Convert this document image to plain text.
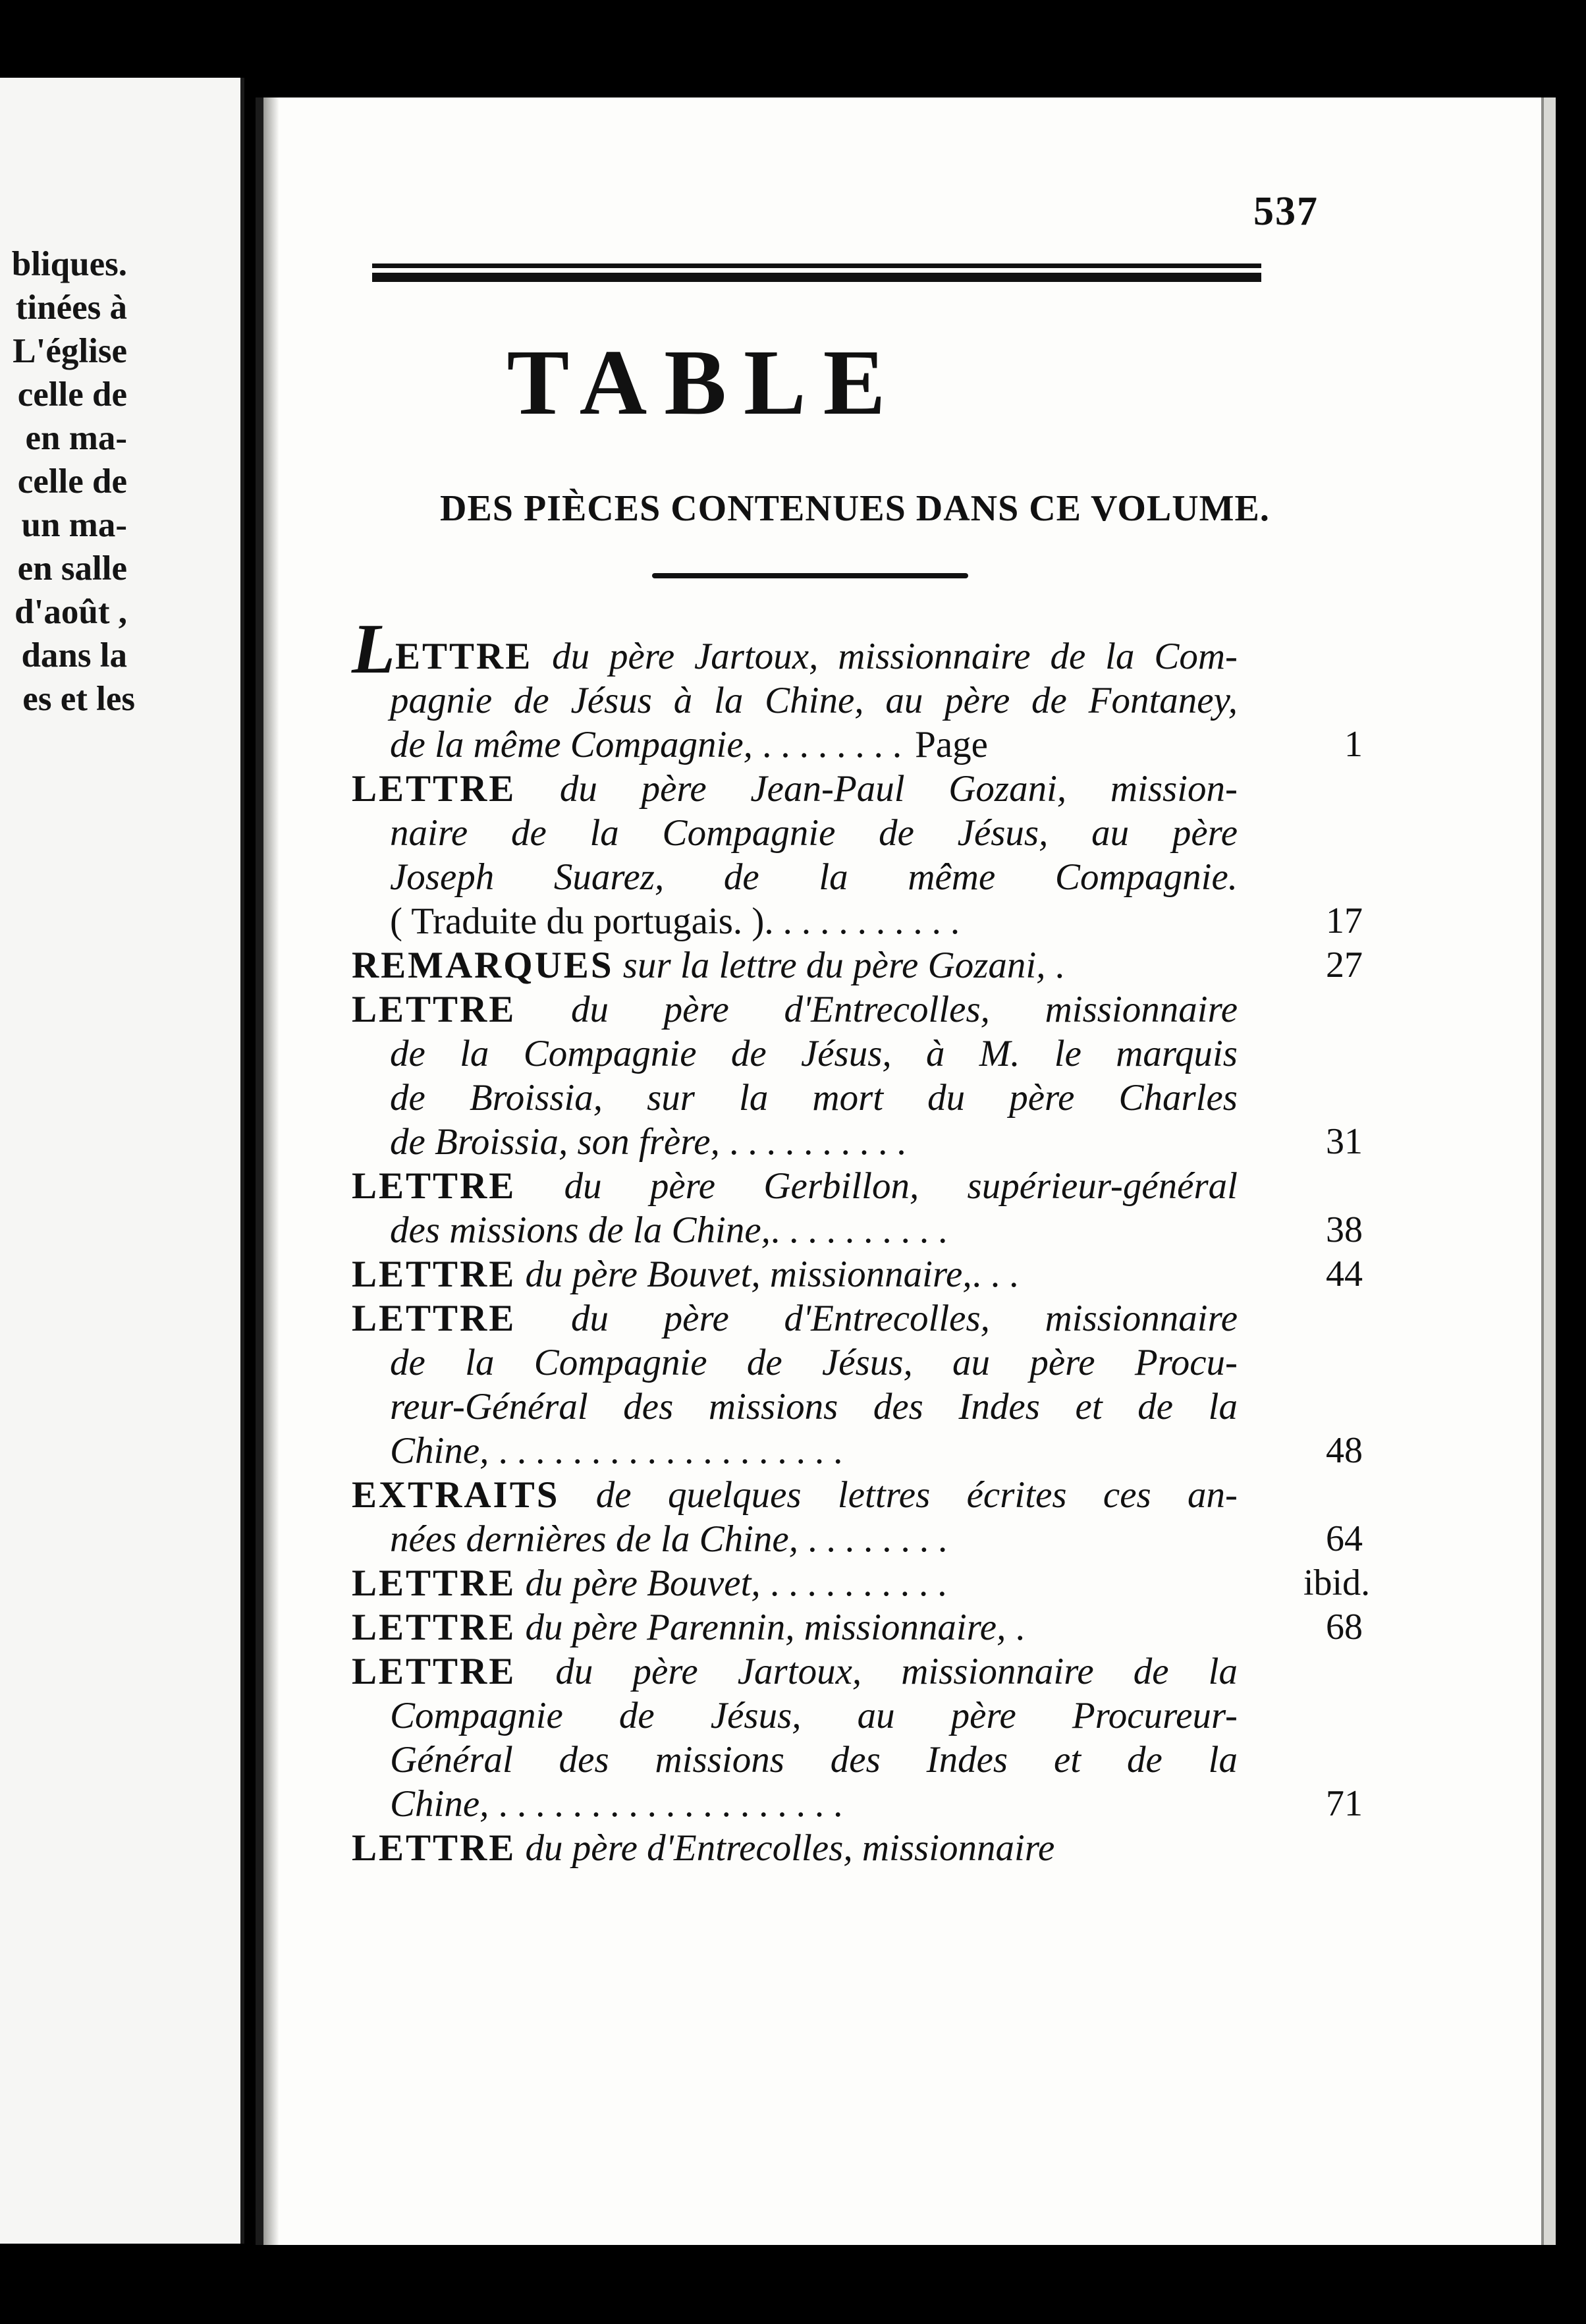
bliques.
tinées à
L'église
celle de
en ma-
celle de
un ma-
en salle
d'août ,
dans la
es et les
537
TABLE
DES PIÈCES CONTENUES DANS CE VOLUME.
LETTRE du père Jartoux, missionnaire de la Com-
pagnie de Jésus à la Chine, au père de Fontaney,
de la même Compagnie, ........ Page	1
LETTRE du père Jean-Paul Gozani, mission-
naire de la Compagnie de Jésus, au père
Joseph Suarez, de la même Compagnie.
( Traduite du portugais. )...........	17
REMARQUES sur la lettre du père Gozani, .	27
LETTRE du père d'Entrecolles, missionnaire
de la Compagnie de Jésus, à M. le marquis
de Broissia, sur la mort du père Charles
de Broissia, son frère, ..........	31
LETTRE du père Gerbillon, supérieur-général
des missions de la Chine,..........	38
LETTRE du père Bouvet, missionnaire,...	44
LETTRE du père d'Entrecolles, missionnaire
de la Compagnie de Jésus, au père Procu-
reur-Général des missions des Indes et de la
Chine, ...................	48
EXTRAITS de quelques lettres écrites ces an-
nées dernières de la Chine, ........	64
LETTRE du père Bouvet, ..........	ibid.
LETTRE du père Parennin, missionnaire, .	68
LETTRE du père Jartoux, missionnaire de la
Compagnie de Jésus, au père Procureur-
Général des missions des Indes et de la
Chine, ...................	71
LETTRE du père d'Entrecolles, missionnaire
